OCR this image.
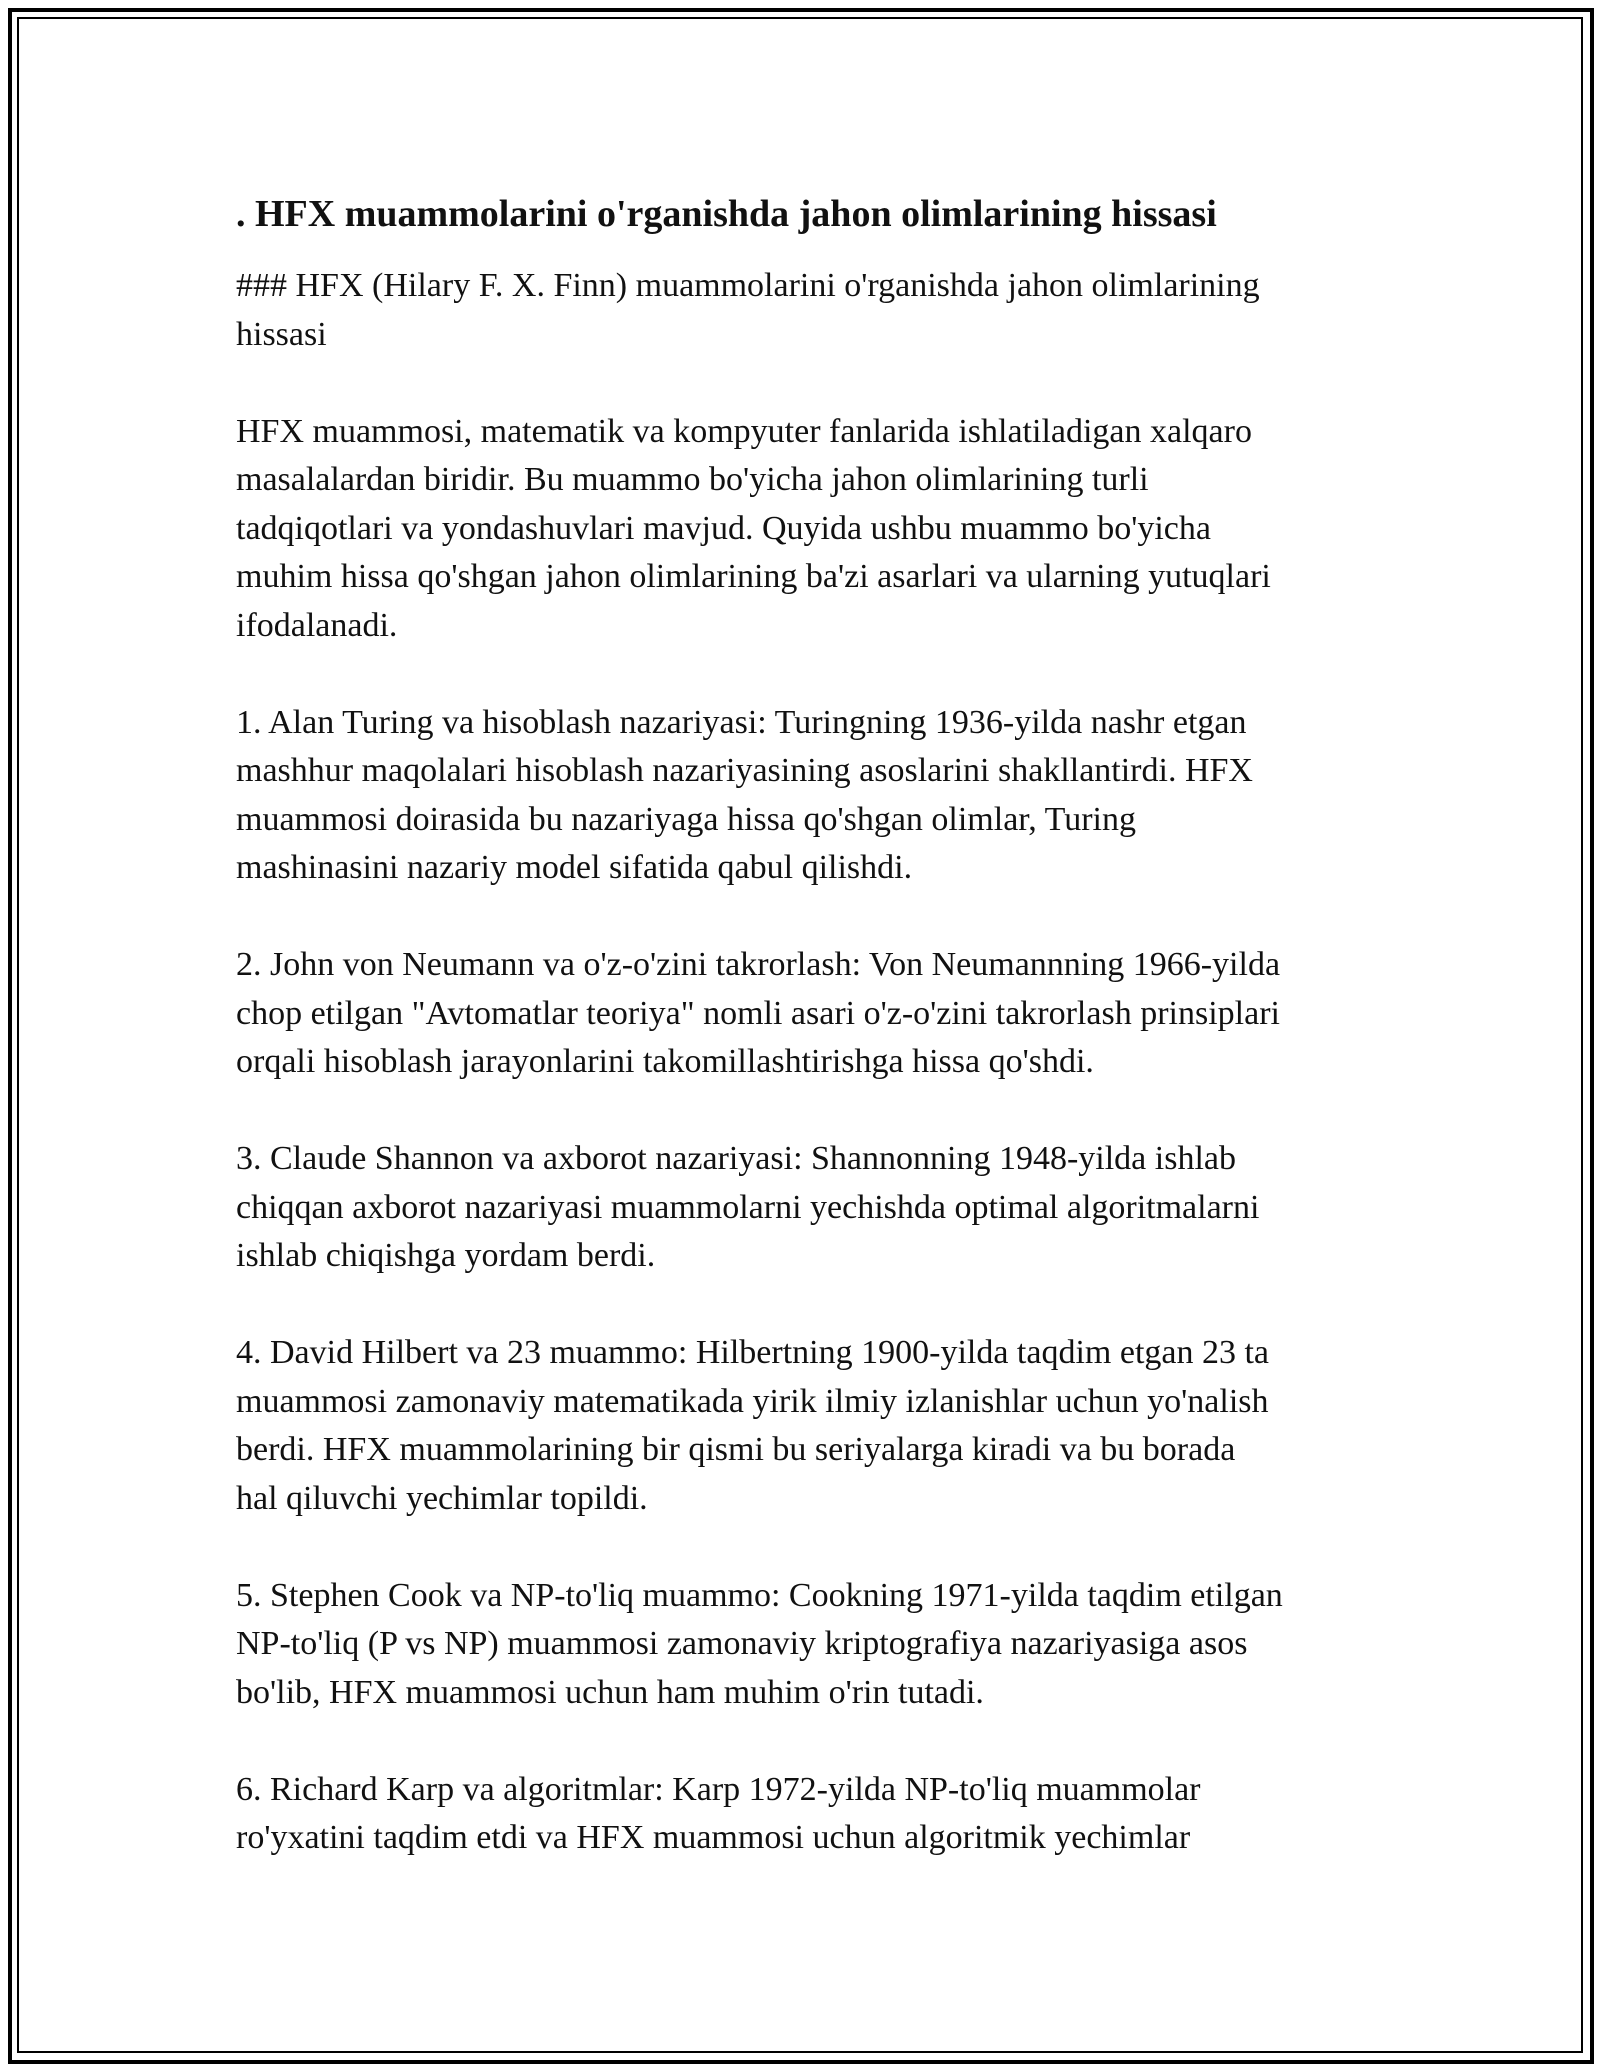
. HFX muammolarini o'rganishda jahon olimlarining hissasi

### HFX (Hilary F. X. Finn) muammolarini o'rganishda jahon olimlarining
hissasi

HFX muammosi, matematik va kompyuter fanlarida ishlatiladigan xalqaro
masalalardan biridir. Bu muammo bo'yicha jahon olimlarining turli
tadqiqotlari va yondashuvlari mavjud. Quyida ushbu muammo bo'yicha
muhim hissa qo'shgan jahon olimlarining ba'zi asarlari va ularning yutuqlari
ifodalanadi.

1. Alan Turing va hisoblash nazariyasi: Turingning 1936-yilda nashr etgan
mashhur maqolalari hisoblash nazariyasining asoslarini shakllantirdi. HFX
muammosi doirasida bu nazariyaga hissa qo'shgan olimlar, Turing
mashinasini nazariy model sifatida qabul qilishdi.

2. John von Neumann va o'z-o'zini takrorlash: Von Neumannning 1966-yilda
chop etilgan "Avtomatlar teoriya" nomli asari o'z-o'zini takrorlash prinsiplari
orqali hisoblash jarayonlarini takomillashtirishga hissa qo'shdi.

3. Claude Shannon va axborot nazariyasi: Shannonning 1948-yilda ishlab
chiqqan axborot nazariyasi muammolarni yechishda optimal algoritmalarni
ishlab chiqishga yordam berdi.

4. David Hilbert va 23 muammo: Hilbertning 1900-yilda taqdim etgan 23 ta
muammosi zamonaviy matematikada yirik ilmiy izlanishlar uchun yo'nalish
berdi. HFX muammolarining bir qismi bu seriyalarga kiradi va bu borada
hal qiluvchi yechimlar topildi.

5. Stephen Cook va NP-to'liq muammo: Cookning 1971-yilda taqdim etilgan
NP-to'liq (P vs NP) muammosi zamonaviy kriptografiya nazariyasiga asos
bo'lib, HFX muammosi uchun ham muhim o'rin tutadi.

6. Richard Karp va algoritmlar: Karp 1972-yilda NP-to'liq muammolar
ro'yxatini taqdim etdi va HFX muammosi uchun algoritmik yechimlar
